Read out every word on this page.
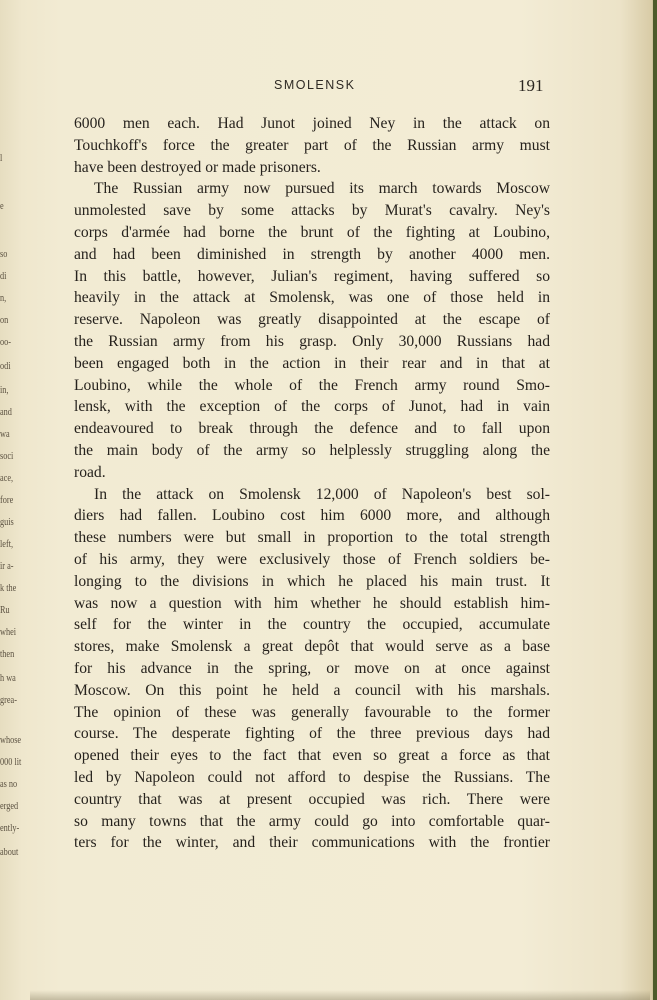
l
e
so
di
n,
on
oo-
odi
in,
and
wa
soci
ace,
fore
guis
left,
ir a-
k the
Ru
whei
then
h wa
grea-
whose
000 lit
as no
erged
ently-
about
SMOLENSK	191
6000 men each. Had Junot joined Ney in the attack on
Touchkoff's force the greater part of the Russian army must
have been destroyed or made prisoners.
The Russian army now pursued its march towards Moscow
unmolested save by some attacks by Murat's cavalry. Ney's
corps d'armée had borne the brunt of the fighting at Loubino,
and had been diminished in strength by another 4000 men.
In this battle, however, Julian's regiment, having suffered so
heavily in the attack at Smolensk, was one of those held in
reserve. Napoleon was greatly disappointed at the escape of
the Russian army from his grasp. Only 30,000 Russians had
been engaged both in the action in their rear and in that at
Loubino, while the whole of the French army round Smo-
lensk, with the exception of the corps of Junot, had in vain
endeavoured to break through the defence and to fall upon
the main body of the army so helplessly struggling along the
road.
In the attack on Smolensk 12,000 of Napoleon's best sol-
diers had fallen. Loubino cost him 6000 more, and although
these numbers were but small in proportion to the total strength
of his army, they were exclusively those of French soldiers be-
longing to the divisions in which he placed his main trust. It
was now a question with him whether he should establish him-
self for the winter in the country the occupied, accumulate
stores, make Smolensk a great depôt that would serve as a base
for his advance in the spring, or move on at once against
Moscow. On this point he held a council with his marshals.
The opinion of these was generally favourable to the former
course. The desperate fighting of the three previous days had
opened their eyes to the fact that even so great a force as that
led by Napoleon could not afford to despise the Russians. The
country that was at present occupied was rich. There were
so many towns that the army could go into comfortable quar-
ters for the winter, and their communications with the frontier
